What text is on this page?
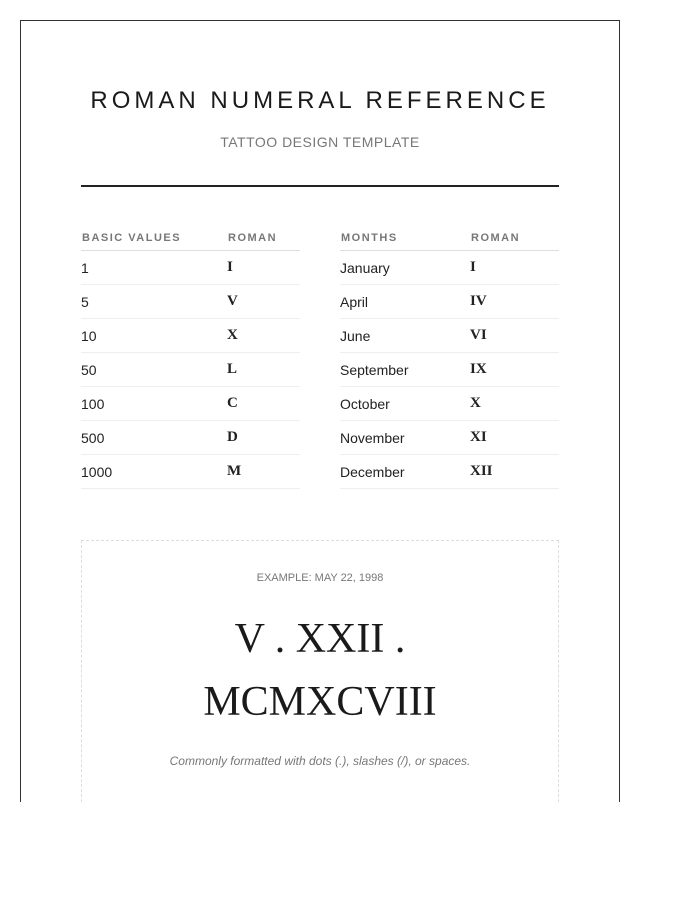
ROMAN NUMERAL REFERENCE
TATTOO DESIGN TEMPLATE
BASIC VALUES	ROMAN
1	I
5	V
10	X
50	L
100	C
500	D
1000	M
MONTHS	ROMAN
January	I
April	IV
June	VI
September	IX
October	X
November	XI
December	XII
EXAMPLE: MAY 22, 1998
V . XXII . MCMXCVIII
Commonly formatted with dots (.), slashes (/), or spaces.
